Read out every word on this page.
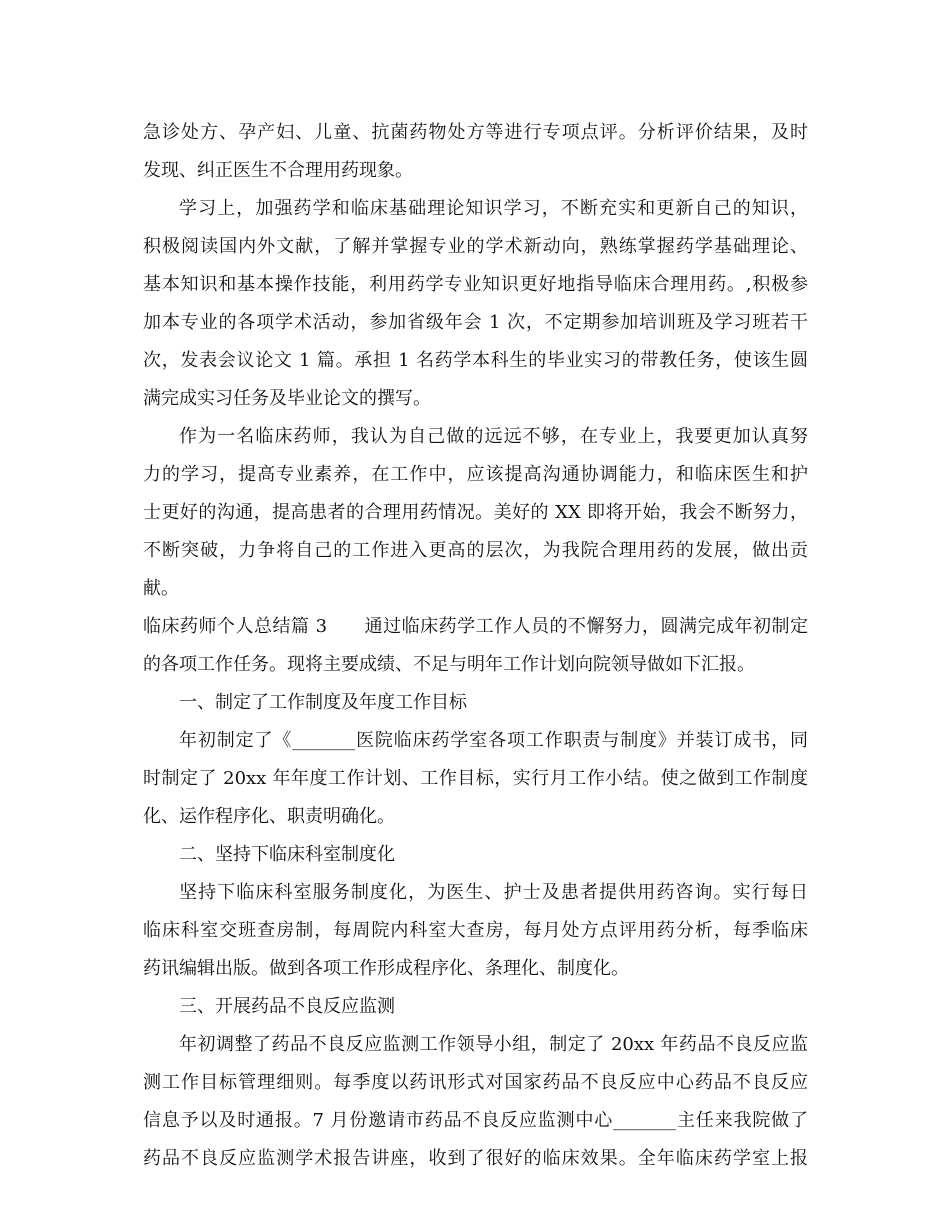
急诊处方、孕产妇、儿童、抗菌药物处方等进行专项点评。分析评价结果，及时
发现、纠正医生不合理用药现象。
学习上，加强药学和临床基础理论知识学习，不断充实和更新自己的知识，
积极阅读国内外文献，了解并掌握专业的学术新动向，熟练掌握药学基础理论、
基本知识和基本操作技能，利用药学专业知识更好地指导临床合理用药。,积极参
加本专业的各项学术活动，参加省级年会 1 次，不定期参加培训班及学习班若干
次，发表会议论文 1 篇。承担 1 名药学本科生的毕业实习的带教任务，使该生圆
满完成实习任务及毕业论文的撰写。
作为一名临床药师，我认为自己做的远远不够，在专业上，我要更加认真努
力的学习，提高专业素养，在工作中，应该提高沟通协调能力，和临床医生和护
士更好的沟通，提高患者的合理用药情况。美好的 XX 即将开始，我会不断努力，
不断突破，力争将自己的工作进入更高的层次，为我院合理用药的发展，做出贡
献。
临床药师个人总结篇 3　　通过临床药学工作人员的不懈努力，圆满完成年初制定
的各项工作任务。现将主要成绩、不足与明年工作计划向院领导做如下汇报。
一、制定了工作制度及年度工作目标
年初制定了《_______医院临床药学室各项工作职责与制度》并装订成书，同
时制定了 20xx 年年度工作计划、工作目标，实行月工作小结。使之做到工作制度
化、运作程序化、职责明确化。
二、坚持下临床科室制度化
坚持下临床科室服务制度化，为医生、护士及患者提供用药咨询。实行每日
临床科室交班查房制，每周院内科室大查房，每月处方点评用药分析，每季临床
药讯编辑出版。做到各项工作形成程序化、条理化、制度化。
三、开展药品不良反应监测
年初调整了药品不良反应监测工作领导小组，制定了 20xx 年药品不良反应监
测工作目标管理细则。每季度以药讯形式对国家药品不良反应中心药品不良反应
信息予以及时通报。7 月份邀请市药品不良反应监测中心_______主任来我院做了
药品不良反应监测学术报告讲座，收到了很好的临床效果。全年临床药学室上报
